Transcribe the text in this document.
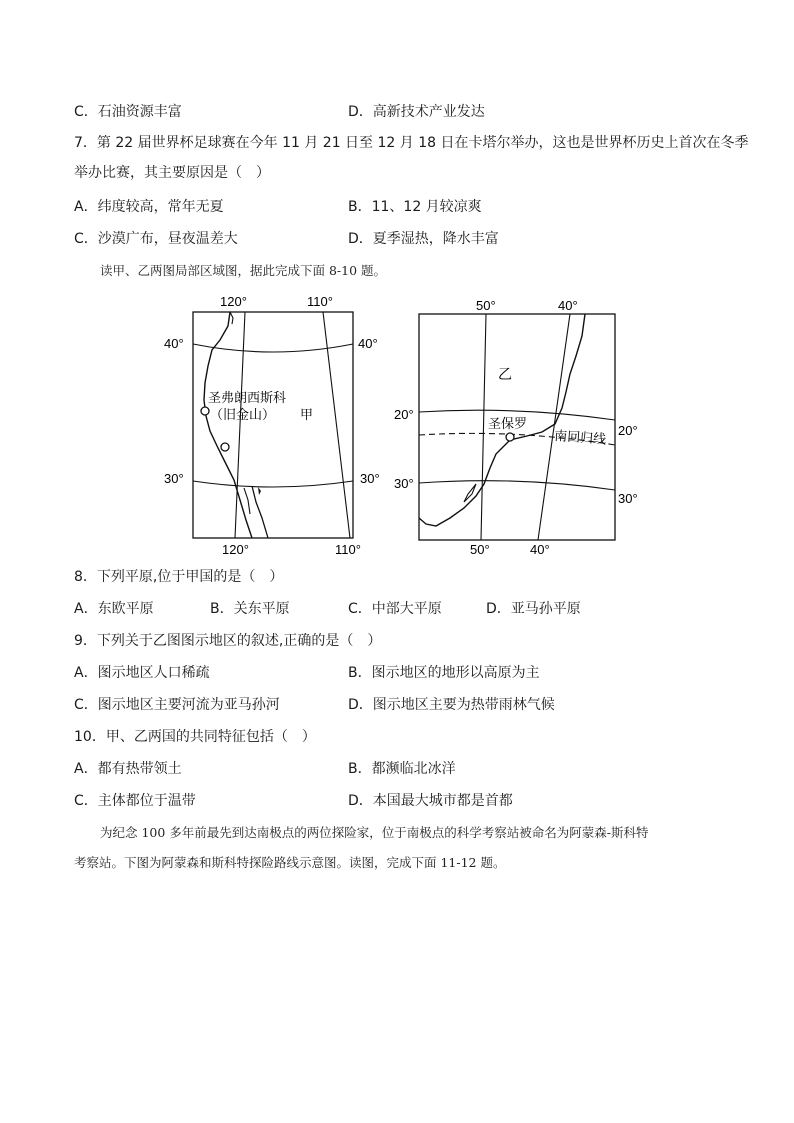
C．石油资源丰富	D．高新技术产业发达
7．第 22 届世界杯足球赛在今年 11 月 21 日至 12 月 18 日在卡塔尔举办，这也是世界杯历史上首次在冬季
举办比赛，其主要原因是（　）
A．纬度较高，常年无夏	B．11、12 月较凉爽
C．沙漠广布，昼夜温差大	D．夏季湿热，降水丰富
读甲、乙两图局部区域图，据此完成下面 8-10 题。
120°	110°
120°	110°
40°	40°
30°	30°
圣弗朗西斯科
（旧金山） 甲
50°	40°
50°	40°
20°
20°
30°
30°
乙
圣保罗
南回归线
8．下列平原,位于甲国的是（　）
A．东欧平原	B．关东平原	C．中部大平原	D．亚马孙平原
9．下列关于乙图图示地区的叙述,正确的是（　）
A．图示地区人口稀疏	B．图示地区的地形以高原为主
C．图示地区主要河流为亚马孙河	D．图示地区主要为热带雨林气候
10．甲、乙两国的共同特征包括（　）
A．都有热带领土	B．都濒临北冰洋
C．主体都位于温带	D．本国最大城市都是首都
为纪念 100 多年前最先到达南极点的两位探险家，位于南极点的科学考察站被命名为阿蒙森-斯科特
考察站。下图为阿蒙森和斯科特探险路线示意图。读图，完成下面 11-12 题。
